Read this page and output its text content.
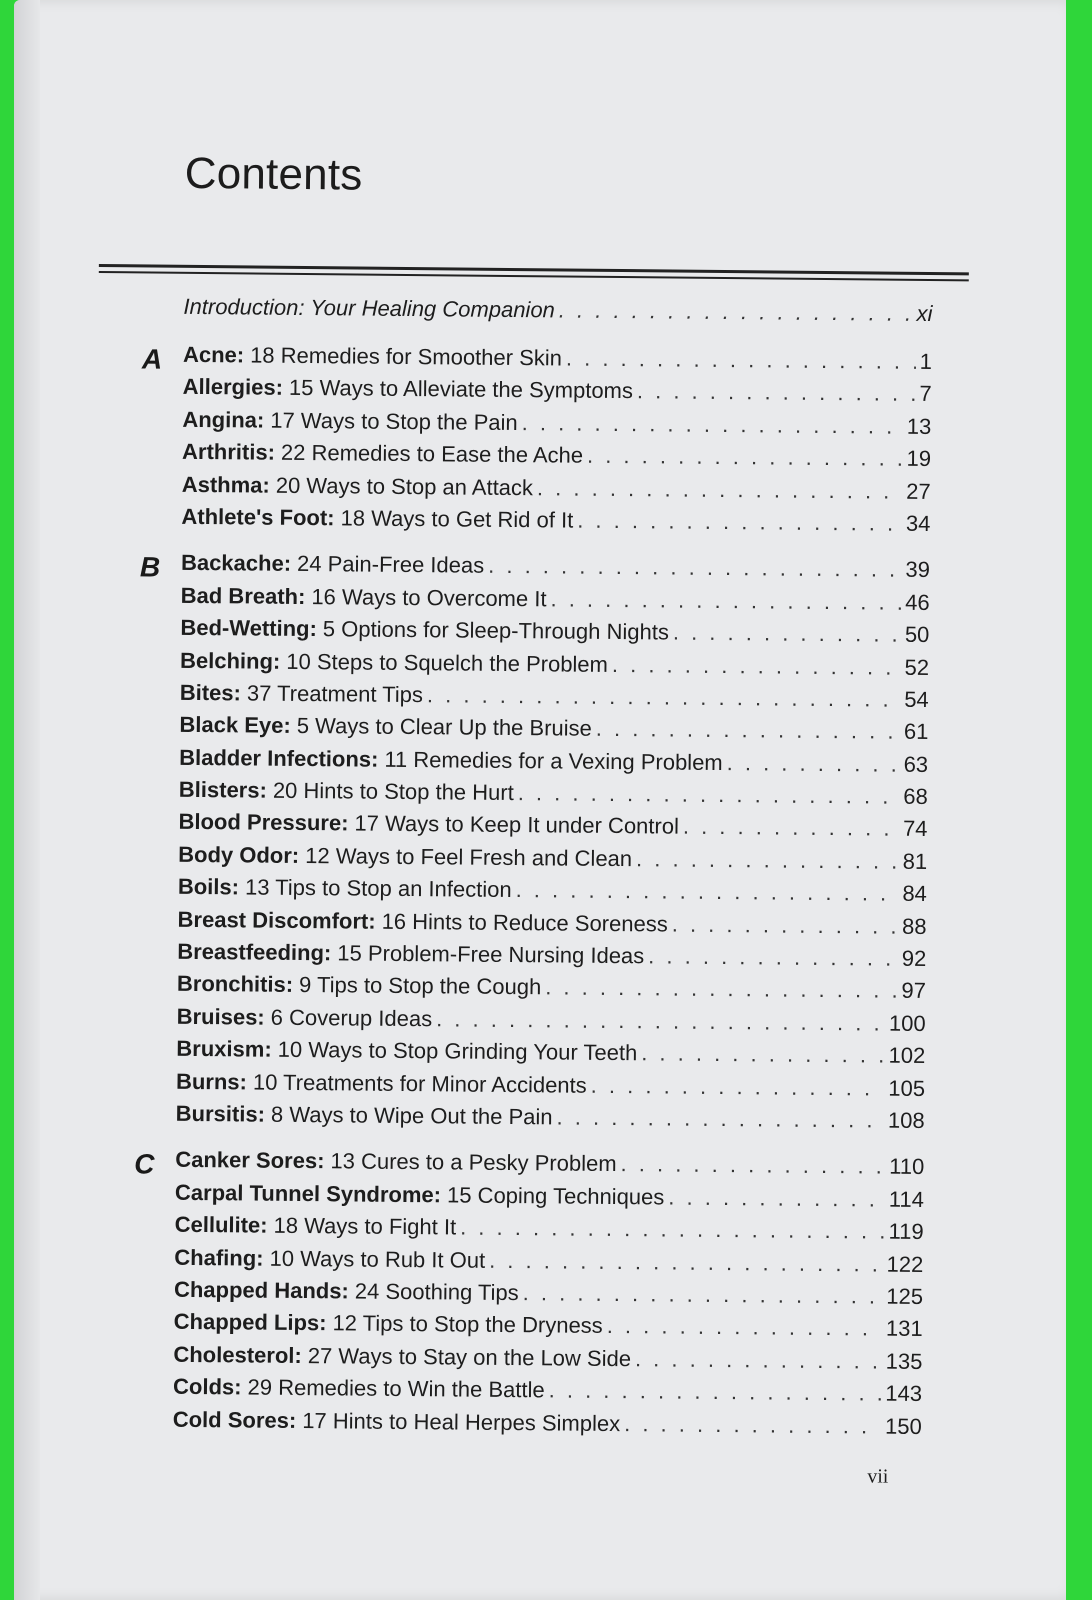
Contents
Introduction: Your Healing Companion . . .	xi
A Acne: 18 Remedies for Smoother Skin . . .	1
Allergies: 15 Ways to Alleviate the Symptoms . . .	7
Angina: 17 Ways to Stop the Pain . . .	13
Arthritis: 22 Remedies to Ease the Ache . . .	19
Asthma: 20 Ways to Stop an Attack . . .	27
Athlete's Foot: 18 Ways to Get Rid of It . . .	34
B Backache: 24 Pain-Free Ideas . . .	39
Bad Breath: 16 Ways to Overcome It . . .	46
Bed-Wetting: 5 Options for Sleep-Through Nights . . .	50
Belching: 10 Steps to Squelch the Problem . . .	52
Bites: 37 Treatment Tips . . .	54
Black Eye: 5 Ways to Clear Up the Bruise . . .	61
Bladder Infections: 11 Remedies for a Vexing Problem . . .	63
Blisters: 20 Hints to Stop the Hurt . . .	68
Blood Pressure: 17 Ways to Keep It under Control . . .	74
Body Odor: 12 Ways to Feel Fresh and Clean . . .	81
Boils: 13 Tips to Stop an Infection . . .	84
Breast Discomfort: 16 Hints to Reduce Soreness . . .	88
Breastfeeding: 15 Problem-Free Nursing Ideas . . .	92
Bronchitis: 9 Tips to Stop the Cough . . .	97
Bruises: 6 Coverup Ideas . . .	100
Bruxism: 10 Ways to Stop Grinding Your Teeth . . .	102
Burns: 10 Treatments for Minor Accidents . . .	105
Bursitis: 8 Ways to Wipe Out the Pain . . .	108
C Canker Sores: 13 Cures to a Pesky Problem . . .	110
Carpal Tunnel Syndrome: 15 Coping Techniques . . .	114
Cellulite: 18 Ways to Fight It . . .	119
Chafing: 10 Ways to Rub It Out . . .	122
Chapped Hands: 24 Soothing Tips . . .	125
Chapped Lips: 12 Tips to Stop the Dryness . . .	131
Cholesterol: 27 Ways to Stay on the Low Side . . .	135
Colds: 29 Remedies to Win the Battle . . .	143
Cold Sores: 17 Hints to Heal Herpes Simplex . . .	150
vii
